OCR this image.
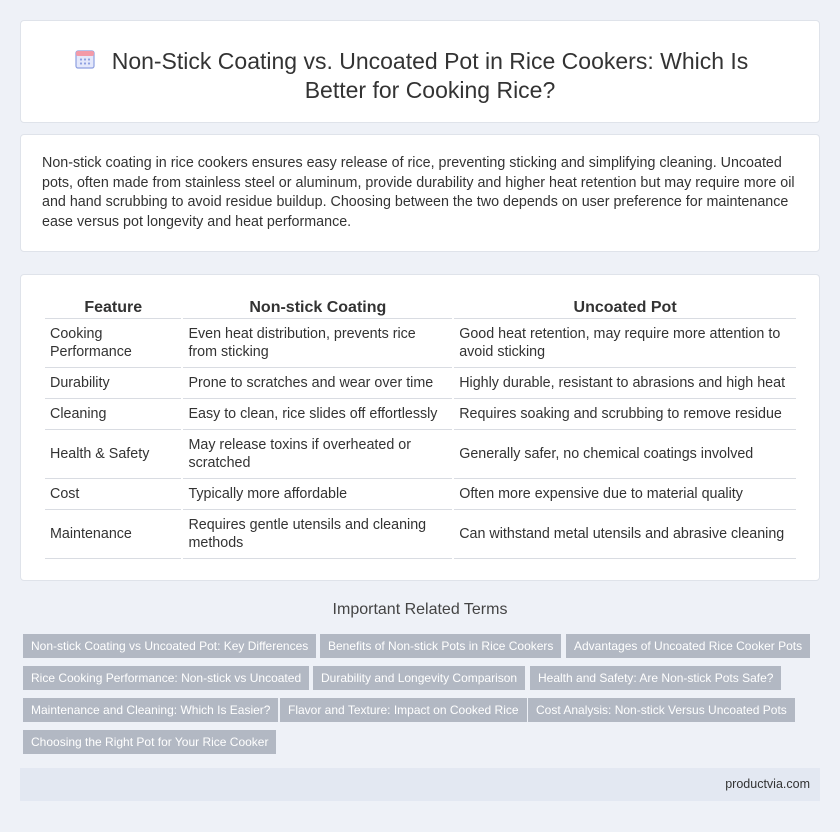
Non-Stick Coating vs. Uncoated Pot in Rice Cookers: Which Is Better for Cooking Rice?

Non-stick coating in rice cookers ensures easy release of rice, preventing sticking and simplifying cleaning. Uncoated pots, often made from stainless steel or aluminum, provide durability and higher heat retention but may require more oil and hand scrubbing to avoid residue buildup. Choosing between the two depends on user preference for maintenance ease versus pot longevity and heat performance.

Feature	Non-stick Coating	Uncoated Pot
Cooking Performance	Even heat distribution, prevents rice from sticking	Good heat retention, may require more attention to avoid sticking
Durability	Prone to scratches and wear over time	Highly durable, resistant to abrasions and high heat
Cleaning	Easy to clean, rice slides off effortlessly	Requires soaking and scrubbing to remove residue
Health & Safety	May release toxins if overheated or scratched	Generally safer, no chemical coatings involved
Cost	Typically more affordable	Often more expensive due to material quality
Maintenance	Requires gentle utensils and cleaning methods	Can withstand metal utensils and abrasive cleaning
Important Related Terms
Non-stick Coating vs Uncoated Pot: Key Differences	Benefits of Non-stick Pots in Rice Cookers	Advantages of Uncoated Rice Cooker Pots
Rice Cooking Performance: Non-stick vs Uncoated	Durability and Longevity Comparison	Health and Safety: Are Non-stick Pots Safe?
Maintenance and Cleaning: Which Is Easier?	Flavor and Texture: Impact on Cooked Rice	Cost Analysis: Non-stick Versus Uncoated Pots
Choosing the Right Pot for Your Rice Cooker
productvia.com
